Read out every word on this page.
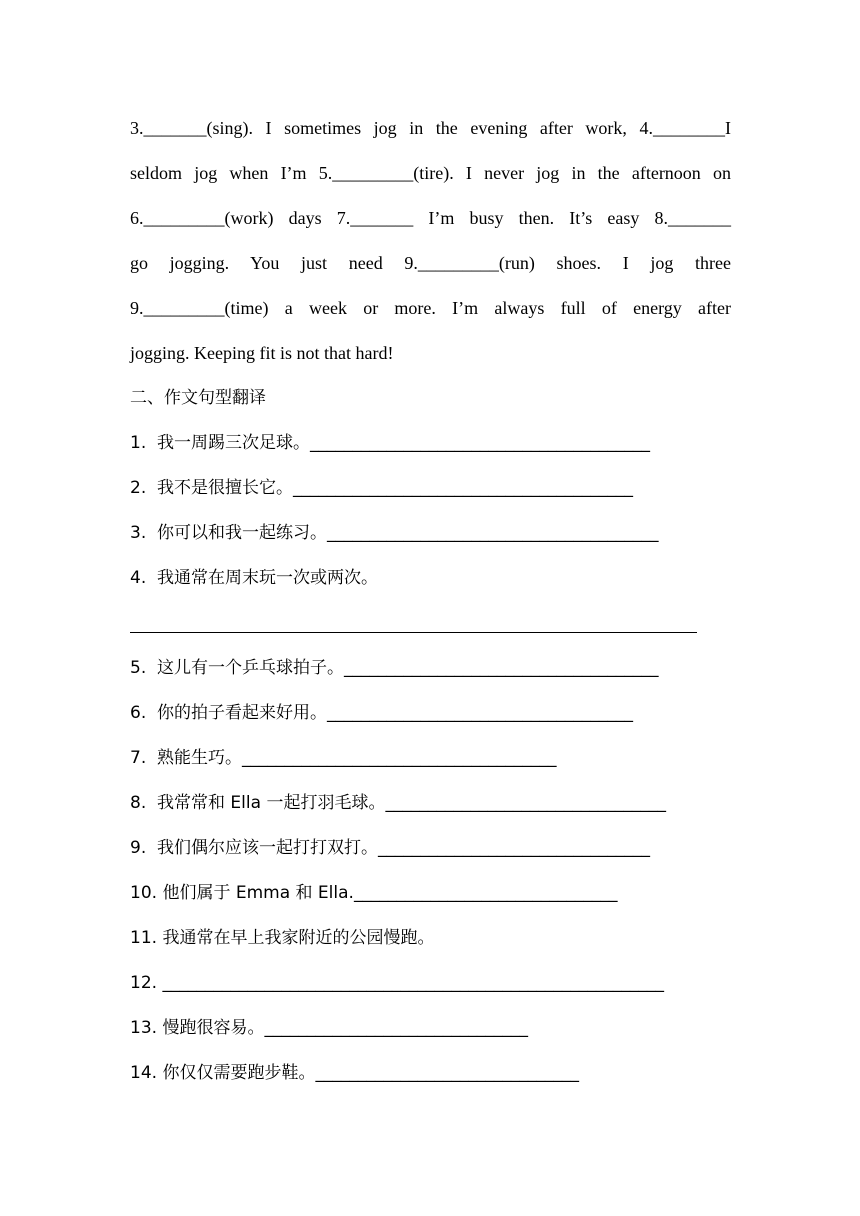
3._______(sing). I sometimes jog in the evening after work, 4.________I
seldom jog when I’m 5._________(tire). I never jog in the afternoon on
6._________(work) days 7._______ I’m busy then. It’s easy 8._______
go jogging. You just need 9._________(run) shoes. I jog three
9._________(time) a week or more. I’m always full of energy after
jogging. Keeping fit is not that hard!
二、作文句型翻译
1.  我一周踢三次足球。________________________________________
2.  我不是很擅长它。________________________________________
3.  你可以和我一起练习。_______________________________________
4.  我通常在周末玩一次或两次。
5.  这儿有一个乒乓球拍子。_____________________________________
6.  你的拍子看起来好用。____________________________________
7.  熟能生巧。_____________________________________
8.  我常常和 Ella 一起打羽毛球。_________________________________
9.  我们偶尔应该一起打打双打。________________________________
10. 他们属于 Emma 和 Ella._______________________________
11. 我通常在早上我家附近的公园慢跑。
12. ___________________________________________________________
13. 慢跑很容易。_______________________________
14. 你仅仅需要跑步鞋。_______________________________
